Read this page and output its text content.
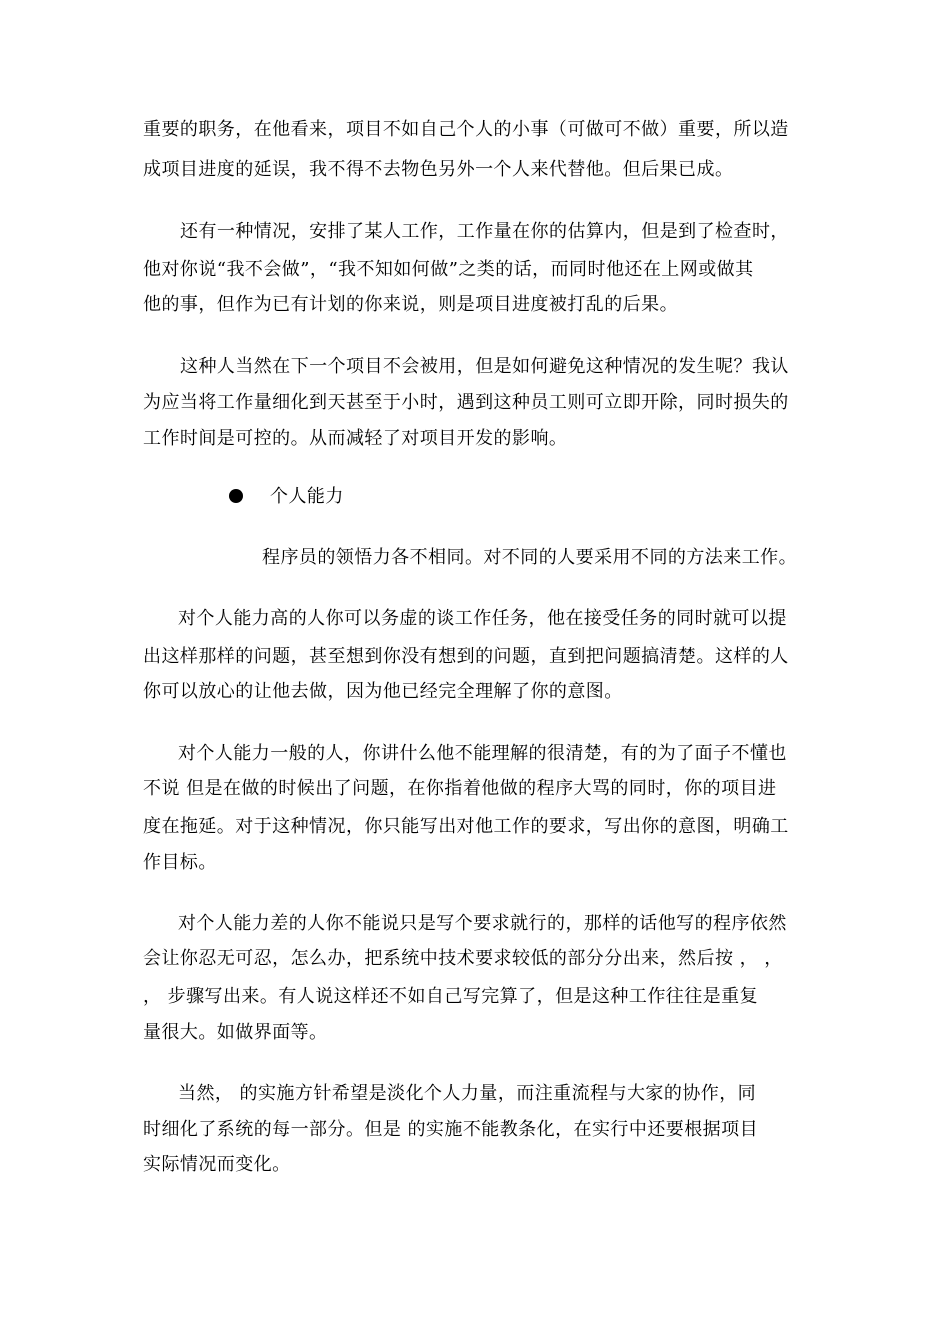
重要的职务，在他看来，项目不如自己个人的小事（可做可不做）重要，所以造
成项目进度的延误，我不得不去物色另外一个人来代替他。但后果已成。
还有一种情况，安排了某人工作，工作量在你的估算内，但是到了检查时，
他对你说“我不会做”，“我不知如何做”之类的话，而同时他还在上网或做其
他的事，但作为已有计划的你来说，则是项目进度被打乱的后果。
这种人当然在下一个项目不会被用，但是如何避免这种情况的发生呢？我认
为应当将工作量细化到天甚至于小时，遇到这种员工则可立即开除，同时损失的
工作时间是可控的。从而减轻了对项目开发的影响。
个人能力
程序员的领悟力各不相同。对不同的人要采用不同的方法来工作。
对个人能力高的人你可以务虚的谈工作任务，他在接受任务的同时就可以提
出这样那样的问题，甚至想到你没有想到的问题，直到把问题搞清楚。这样的人
你可以放心的让他去做，因为他已经完全理解了你的意图。
对个人能力一般的人，你讲什么他不能理解的很清楚，有的为了面子不懂也
不说 但是在做的时候出了问题，在你指着他做的程序大骂的同时，你的项目进
度在拖延。对于这种情况，你只能写出对他工作的要求，写出你的意图，明确工
作目标。
对个人能力差的人你不能说只是写个要求就行的，那样的话他写的程序依然
会让你忍无可忍，怎么办，把系统中技术要求较低的部分分出来，然后按 ， ，
， 步骤写出来。有人说这样还不如自己写完算了，但是这种工作往往是重复
量很大。如做界面等。
当然， 的实施方针希望是淡化个人力量，而注重流程与大家的协作，同
时细化了系统的每一部分。但是 的实施不能教条化，在实行中还要根据项目
实际情况而变化。
